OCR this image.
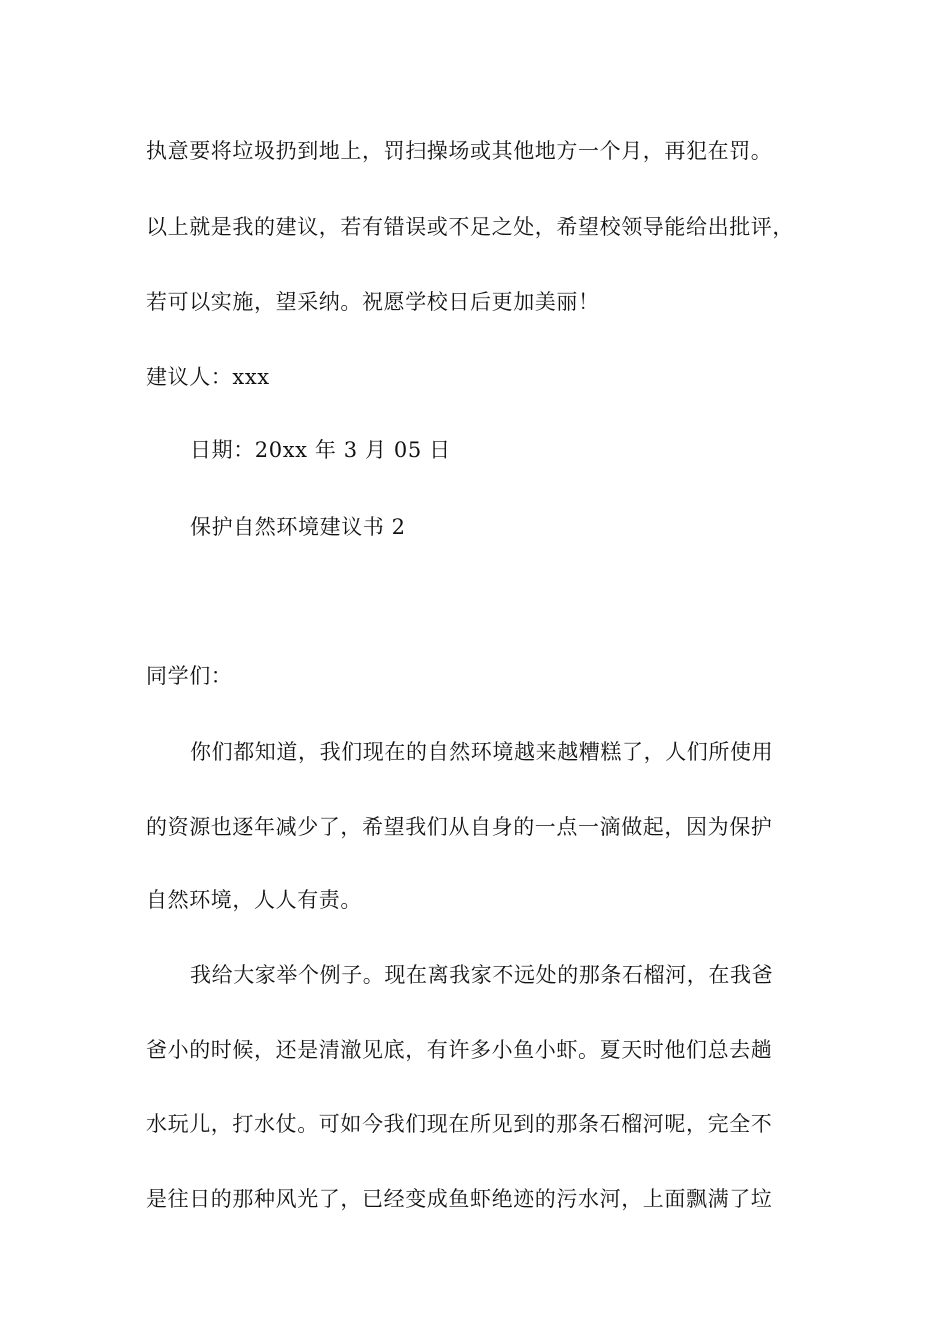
执意要将垃圾扔到地上，罚扫操场或其他地方一个月，再犯在罚。
以上就是我的建议，若有错误或不足之处，希望校领导能给出批评，
若可以实施，望采纳。祝愿学校日后更加美丽！
建议人：xxx
日期：20xx 年 3 月 05 日
保护自然环境建议书 2
同学们：
你们都知道，我们现在的自然环境越来越糟糕了，人们所使用
的资源也逐年减少了，希望我们从自身的一点一滴做起，因为保护
自然环境，人人有责。
我给大家举个例子。现在离我家不远处的那条石榴河，在我爸
爸小的时候，还是清澈见底，有许多小鱼小虾。夏天时他们总去趟
水玩儿，打水仗。可如今我们现在所见到的那条石榴河呢，完全不
是往日的那种风光了，已经变成鱼虾绝迹的污水河，上面飘满了垃
